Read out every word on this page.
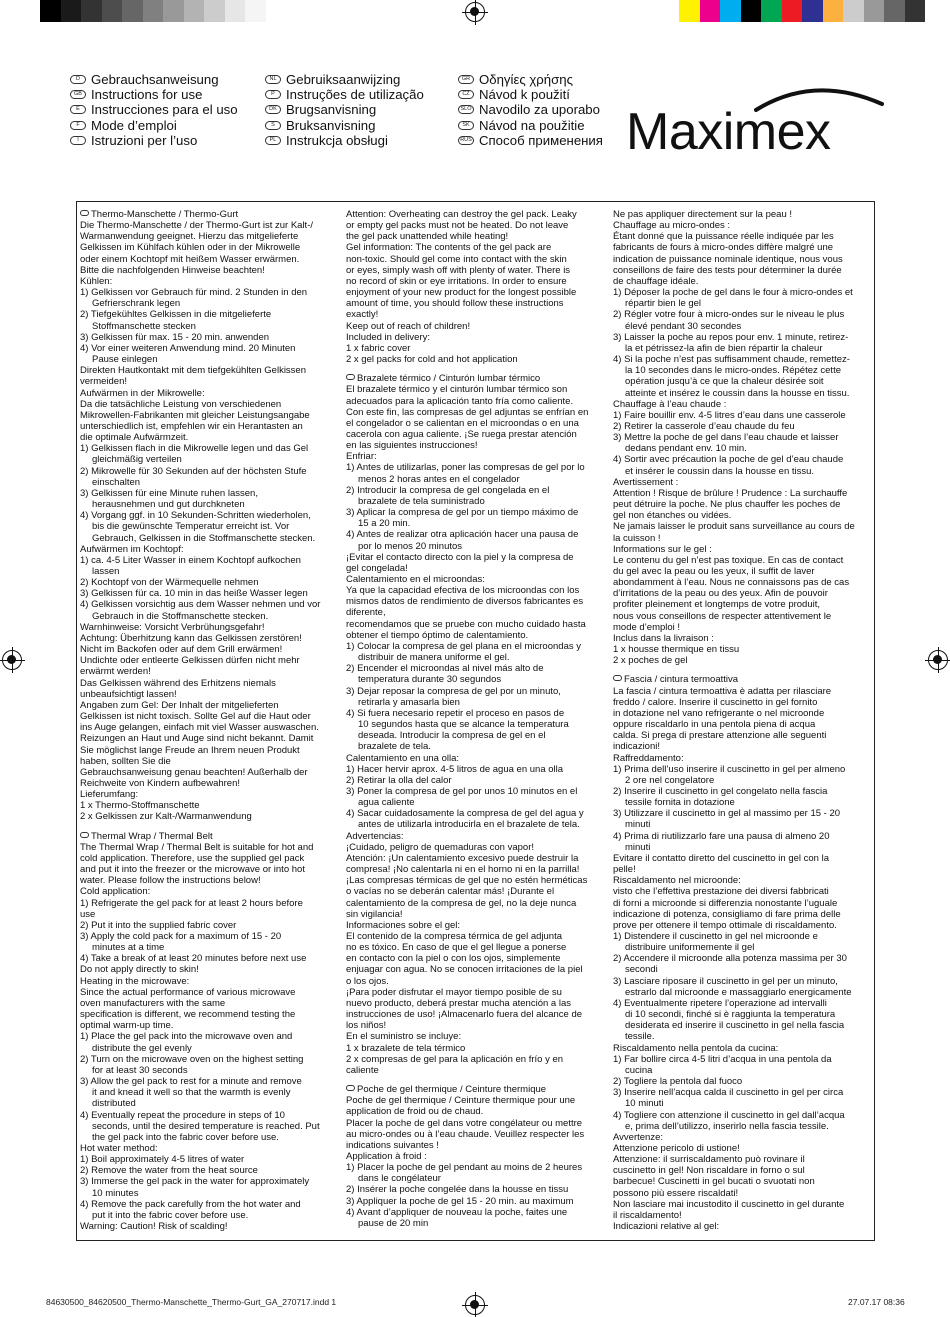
D Gebrauchsanweisung
GB Instructions for use
E Instrucciones para el uso
F Mode d’emploi
I Istruzioni per l’uso
NL Gebruiksaanwijzing
P Instruções de utilização
DK Brugsanvisning
S Bruksanvisning
PL Instrukcja obsługi
GR Οδηγίες χρήσης
CZ Návod k použití
SLO Navodilo za uporabo
SK Návod na použitie
RUS Способ применения Maximex

Thermo-Manschette / Thermo-Gurt

Die Thermo-Manschette / der Thermo-Gurt ist zur Kalt-/

Warmanwendung geeignet. Hierzu das mitgelieferte

Gelkissen im Kühlfach kühlen oder in der Mikrowelle

oder einem Kochtopf mit heißem Wasser erwärmen.

Bitte die nachfolgenden Hinweise beachten!

Kühlen:

1) Gelkissen vor Gebrauch für mind. 2 Stunden in den

Gefrierschrank legen

2) Tiefgekühltes Gelkissen in die mitgelieferte

Stoffmanschette stecken

3) Gelkissen für max. 15 - 20 min. anwenden

4) Vor einer weiteren Anwendung mind. 20 Minuten

Pause einlegen

Direkten Hautkontakt mit dem tiefgekühlten Gelkissen

vermeiden!

Aufwärmen in der Mikrowelle:

Da die tatsächliche Leistung von verschiedenen

Mikrowellen-Fabrikanten mit gleicher Leistungsangabe

unterschiedlich ist, empfehlen wir ein Herantasten an

die optimale Aufwärmzeit.

1) Gelkissen flach in die Mikrowelle legen und das Gel

gleichmäßig verteilen

2) Mikrowelle für 30 Sekunden auf der höchsten Stufe

einschalten

3) Gelkissen für eine Minute ruhen lassen,

herausnehmen und gut durchkneten

4) Vorgang ggf. in 10 Sekunden-Schritten wiederholen,

bis die gewünschte Temperatur erreicht ist. Vor

Gebrauch, Gelkissen in die Stoffmanschette stecken.

Aufwärmen im Kochtopf:

1) ca. 4-5 Liter Wasser in einem Kochtopf aufkochen

lassen

2) Kochtopf von der Wärmequelle nehmen

3) Gelkissen für ca. 10 min in das heiße Wasser legen

4) Gelkissen vorsichtig aus dem Wasser nehmen und vor

Gebrauch in die Stoffmanschette stecken.

Warnhinweise: Vorsicht Verbrühungsgefahr!

Achtung: Überhitzung kann das Gelkissen zerstören!

Nicht im Backofen oder auf dem Grill erwärmen!

Undichte oder entleerte Gelkissen dürfen nicht mehr

erwärmt werden!

Das Gelkissen während des Erhitzens niemals

unbeaufsichtigt lassen!

Angaben zum Gel: Der Inhalt der mitgelieferten

Gelkissen ist nicht toxisch. Sollte Gel auf die Haut oder

ins Auge gelangen, einfach mit viel Wasser auswaschen.

Reizungen an Haut und Auge sind nicht bekannt. Damit

Sie möglichst lange Freude an Ihrem neuen Produkt

haben, sollten Sie die

Gebrauchsanweisung genau beachten! Außerhalb der

Reichweite von Kindern aufbewahren!

Lieferumfang:

1 x Thermo-Stoffmanschette

2 x Gelkissen zur Kalt-/Warmanwendung

Thermal Wrap / Thermal Belt

The Thermal Wrap / Thermal Belt is suitable for hot and

cold application. Therefore, use the supplied gel pack

and put it into the freezer or the microwave or into hot

water. Please follow the instructions below!

Cold application:

1) Refrigerate the gel pack for at least 2 hours before

use

2) Put it into the supplied fabric cover

3) Apply the cold pack for a maximum of 15 - 20

minutes at a time

4) Take a break of at least 20 minutes before next use

Do not apply directly to skin!

Heating in the microwave:

Since the actual performance of various microwave

oven manufacturers with the same

specification is different, we recommend testing the

optimal warm-up time.

1) Place the gel pack into the microwave oven and

distribute the gel evenly

2) Turn on the microwave oven on the highest setting

for at least 30 seconds

3) Allow the gel pack to rest for a minute and remove

it and knead it well so that the warmth is evenly

distributed

4) Eventually repeat the procedure in steps of 10

seconds, until the desired temperature is reached. Put

the gel pack into the fabric cover before use.

Hot water method:

1) Boil approximately 4-5 litres of water

2) Remove the water from the heat source

3) Immerse the gel pack in the water for approximately

10 minutes

4) Remove the pack carefully from the hot water and

put it into the fabric cover before use.

Warning: Caution! Risk of scalding!

Attention: Overheating can destroy the gel pack. Leaky

or empty gel packs must not be heated. Do not leave

the gel pack unattended while heating!

Gel information: The contents of the gel pack are

non-toxic. Should gel come into contact with the skin

or eyes, simply wash off with plenty of water. There is

no record of skin or eye irritations. In order to ensure

enjoyment of your new product for the longest possible

amount of time, you should follow these instructions

exactly!

Keep out of reach of children!

Included in delivery:

1 x fabric cover

2 x gel packs for cold and hot application

Brazalete térmico / Cinturón lumbar térmico

El brazalete térmico y el cinturón lumbar térmico son

adecuados para la aplicación tanto fría como caliente.

Con este fin, las compresas de gel adjuntas se enfrían en

el congelador o se calientan en el microondas o en una

cacerola con agua caliente. ¡Se ruega prestar atención

en las siguientes instrucciones!

Enfriar:

1) Antes de utilizarlas, poner las compresas de gel por lo

menos 2 horas antes en el congelador

2) Introducir la compresa de gel congelada en el

brazalete de tela suministrado

3) Aplicar la compresa de gel por un tiempo máximo de

15 a 20 min.

4) Antes de realizar otra aplicación hacer una pausa de

por lo menos 20 minutos

¡Evitar el contacto directo con la piel y la compresa de

gel congelada!

Calentamiento en el microondas:

Ya que la capacidad efectiva de los microondas con los

mismos datos de rendimiento de diversos fabricantes es

diferente,

recomendamos que se pruebe con mucho cuidado hasta

obtener el tiempo óptimo de calentamiento.

1) Colocar la compresa de gel plana en el microondas y

distribuir de manera uniforme el gel.

2) Encender el microondas al nivel más alto de

temperatura durante 30 segundos

3) Dejar reposar la compresa de gel por un minuto,

retirarla y amasarla bien

4) Si fuera necesario repetir el proceso en pasos de

10 segundos hasta que se alcance la temperatura

deseada. Introducir la compresa de gel en el

brazalete de tela.

Calentamiento en una olla:

1) Hacer hervir aprox. 4-5 litros de agua en una olla

2) Retirar la olla del calor

3) Poner la compresa de gel por unos 10 minutos en el

agua caliente

4) Sacar cuidadosamente la compresa de gel del agua y

antes de utilizarla introducirla en el brazalete de tela.

Advertencias:

¡Cuidado, peligro de quemaduras con vapor!

Atención: ¡Un calentamiento excesivo puede destruir la

compresa! ¡No calentarla ni en el horno ni en la parrilla!

¡Las compresas térmicas de gel que no estén herméticas

o vacías no se deberán calentar más! ¡Durante el

calentamiento de la compresa de gel, no la deje nunca

sin vigilancia!

Informaciones sobre el gel:

El contenido de la compresa térmica de gel adjunta

no es tóxico. En caso de que el gel llegue a ponerse

en contacto con la piel o con los ojos, simplemente

enjuagar con agua. No se conocen irritaciones de la piel

o los ojos.

¡Para poder disfrutar el mayor tiempo posible de su

nuevo producto, deberá prestar mucha atención a las

instrucciones de uso! ¡Almacenarlo fuera del alcance de

los niños!

En el suministro se incluye:

1 x brazalete de tela térmico

2 x compresas de gel para la aplicación en frío y en

caliente

Poche de gel thermique / Ceinture thermique

Poche de gel thermique / Ceinture thermique pour une

application de froid ou de chaud.

Placer la poche de gel dans votre congélateur ou mettre

au micro-ondes ou à l’eau chaude. Veuillez respecter les

indications suivantes !

Application à froid :

1) Placer la poche de gel pendant au moins de 2 heures

dans le congélateur

2) Insérer la poche congelée dans la housse en tissu

3) Appliquer la poche de gel 15 - 20 min. au maximum

4) Avant d’appliquer de nouveau la poche, faites une

pause de 20 min

Ne pas appliquer directement sur la peau !

Chauffage au micro-ondes :

Étant donné que la puissance réelle indiquée par les

fabricants de fours à micro-ondes diffère malgré une

indication de puissance nominale identique, nous vous

conseillons de faire des tests pour déterminer la durée

de chauffage idéale.

1) Déposer la poche de gel dans le four à micro-ondes et

répartir bien le gel

2) Régler votre four à micro-ondes sur le niveau le plus

élevé pendant 30 secondes

3) Laisser la poche au repos pour env. 1 minute, retirez-

la et pétrissez-la afin de bien répartir la chaleur

4) Si la poche n’est pas suffisamment chaude, remettez-

la 10 secondes dans le micro-ondes. Répétez cette

opération jusqu’à ce que la chaleur désirée soit

atteinte et insérez le coussin dans la housse en tissu.

Chauffage à l’eau chaude :

1) Faire bouillir env. 4-5 litres d’eau dans une casserole

2) Retirer la casserole d’eau chaude du feu

3) Mettre la poche de gel dans l’eau chaude et laisser

dedans pendant env. 10 min.

4) Sortir avec précaution la poche de gel d’eau chaude

et insérer le coussin dans la housse en tissu.

Avertissement :

Attention ! Risque de brûlure ! Prudence : La surchauffe

peut détruire la poche. Ne plus chauffer les poches de

gel non étanches ou vidées.

Ne jamais laisser le produit sans surveillance au cours de

la cuisson !

Informations sur le gel :

Le contenu du gel n’est pas toxique. En cas de contact

du gel avec la peau ou les yeux, il suffit de laver

abondamment à l’eau. Nous ne connaissons pas de cas

d’irritations de la peau ou des yeux. Afin de pouvoir

profiter pleinement et longtemps de votre produit,

nous vous conseillons de respecter attentivement le

mode d’emploi !

Inclus dans la livraison :

1 x housse thermique en tissu

2 x poches de gel

Fascia / cintura termoattiva

La fascia / cintura termoattiva è adatta per rilasciare

freddo / calore. Inserire il cuscinetto in gel fornito

in dotazione nel vano refrigerante o nel microonde

oppure riscaldarlo in una pentola piena di acqua

calda. Si prega di prestare attenzione alle seguenti

indicazioni!

Raffreddamento:

1) Prima dell’uso inserire il cuscinetto in gel per almeno

2 ore nel congelatore

2) Inserire il cuscinetto in gel congelato nella fascia

tessile fornita in dotazione

3) Utilizzare il cuscinetto in gel al massimo per 15 - 20

minuti

4) Prima di riutilizzarlo fare una pausa di almeno 20

minuti

Evitare il contatto diretto del cuscinetto in gel con la

pelle!

Riscaldamento nel microonde:

visto che l’effettiva prestazione dei diversi fabbricati

di forni a microonde si differenzia nonostante l’uguale

indicazione di potenza, consigliamo di fare prima delle

prove per ottenere il tempo ottimale di riscaldamento.

1) Distendere il cuscinetto in gel nel microonde e

distribuire uniformemente il gel

2) Accendere il microonde alla potenza massima per 30

secondi

3) Lasciare riposare il cuscinetto in gel per un minuto,

estrarlo dal microonde e massaggiarlo energicamente

4) Eventualmente ripetere l’operazione ad intervalli

di 10 secondi, finché si è raggiunta la temperatura

desiderata ed inserire il cuscinetto in gel nella fascia

tessile.

Riscaldamento nella pentola da cucina:

1) Far bollire circa 4-5 litri d’acqua in una pentola da

cucina

2) Togliere la pentola dal fuoco

3) Inserire nell’acqua calda il cuscinetto in gel per circa

10 minuti

4) Togliere con attenzione il cuscinetto in gel dall’acqua

e, prima dell’utilizzo, inserirlo nella fascia tessile.

Avvertenze:

Attenzione pericolo di ustione!

Attenzione: il surriscaldamento può rovinare il

cuscinetto in gel! Non riscaldare in forno o sul

barbecue! Cuscinetti in gel bucati o svuotati non

possono più essere riscaldati!

Non lasciare mai incustodito il cuscinetto in gel durante

il riscaldamento!

Indicazioni relative al gel:

84630500_84620500_Thermo-Manschette_Thermo-Gurt_GA_270717.indd 1	27.07.17 08:36
